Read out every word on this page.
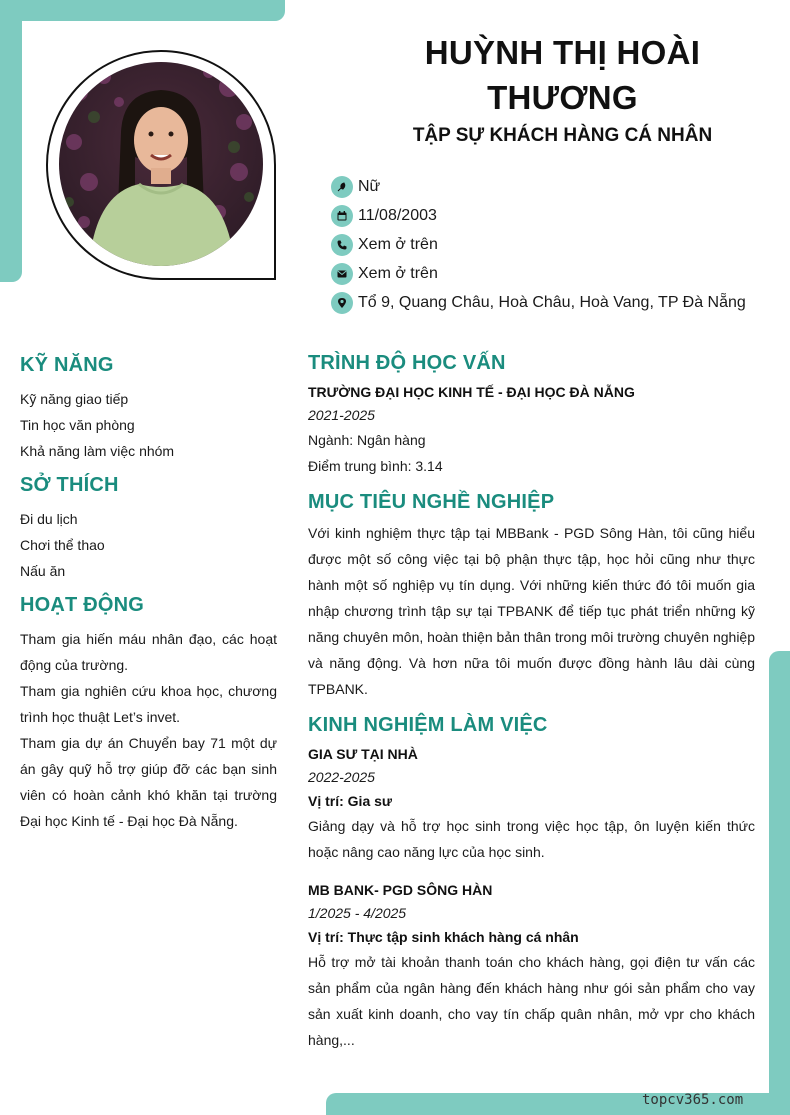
HUỲNH THỊ HOÀI
THƯƠNG
TẬP SỰ KHÁCH HÀNG CÁ NHÂN
Nữ
11/08/2003
Xem ở trên
Xem ở trên
Tổ 9, Quang Châu, Hoà Châu, Hoà Vang, TP Đà Nẵng
KỸ NĂNG
Kỹ năng giao tiếp
Tin học văn phòng
Khả năng làm việc nhóm
SỞ THÍCH
Đi du lịch
Chơi thể thao
Nấu ăn
HOẠT ĐỘNG
Tham gia hiến máu nhân đạo, các hoạt động của trường.
Tham gia nghiên cứu khoa học, chương trình học thuật Let’s invet.
Tham gia dự án Chuyển bay 71 một dự án gây quỹ hỗ trợ giúp đỡ các bạn sinh viên có hoàn cảnh khó khăn tại trường Đại học Kinh tế - Đại học Đà Nẵng.
TRÌNH ĐỘ HỌC VẤN
TRƯỜNG ĐẠI HỌC KINH TẾ - ĐẠI HỌC ĐÀ NẴNG
2021-2025
Ngành: Ngân hàng
Điểm trung bình: 3.14
MỤC TIÊU NGHỀ NGHIỆP
Với kinh nghiệm thực tập tại MBBank - PGD Sông Hàn, tôi cũng hiểu được một số công việc tại bộ phận thực tập, học hỏi cũng như thực hành một số nghiệp vụ tín dụng. Với những kiến thức đó tôi muốn gia nhập chương trình tập sự tại TPBANK để tiếp tục phát triển những kỹ năng chuyên môn, hoàn thiện bản thân trong môi trường chuyên nghiệp và năng động. Và hơn nữa tôi muốn được đồng hành lâu dài cùng TPBANK.
KINH NGHIỆM LÀM VIỆC
GIA SƯ TẠI NHÀ
2022-2025
Vị trí: Gia sư
Giảng dạy và hỗ trợ học sinh trong việc học tập, ôn luyện kiến thức hoặc nâng cao năng lực của học sinh.
MB BANK- PGD SÔNG HÀN
1/2025 - 4/2025
Vị trí: Thực tập sinh khách hàng cá nhân
Hỗ trợ mở tài khoản thanh toán cho khách hàng, gọi điện tư vấn các sản phẩm của ngân hàng đến khách hàng như gói sản phẩm cho vay sản xuất kinh doanh, cho vay tín chấp quân nhân, mở vpr cho khách hàng,...
topcv365.com
